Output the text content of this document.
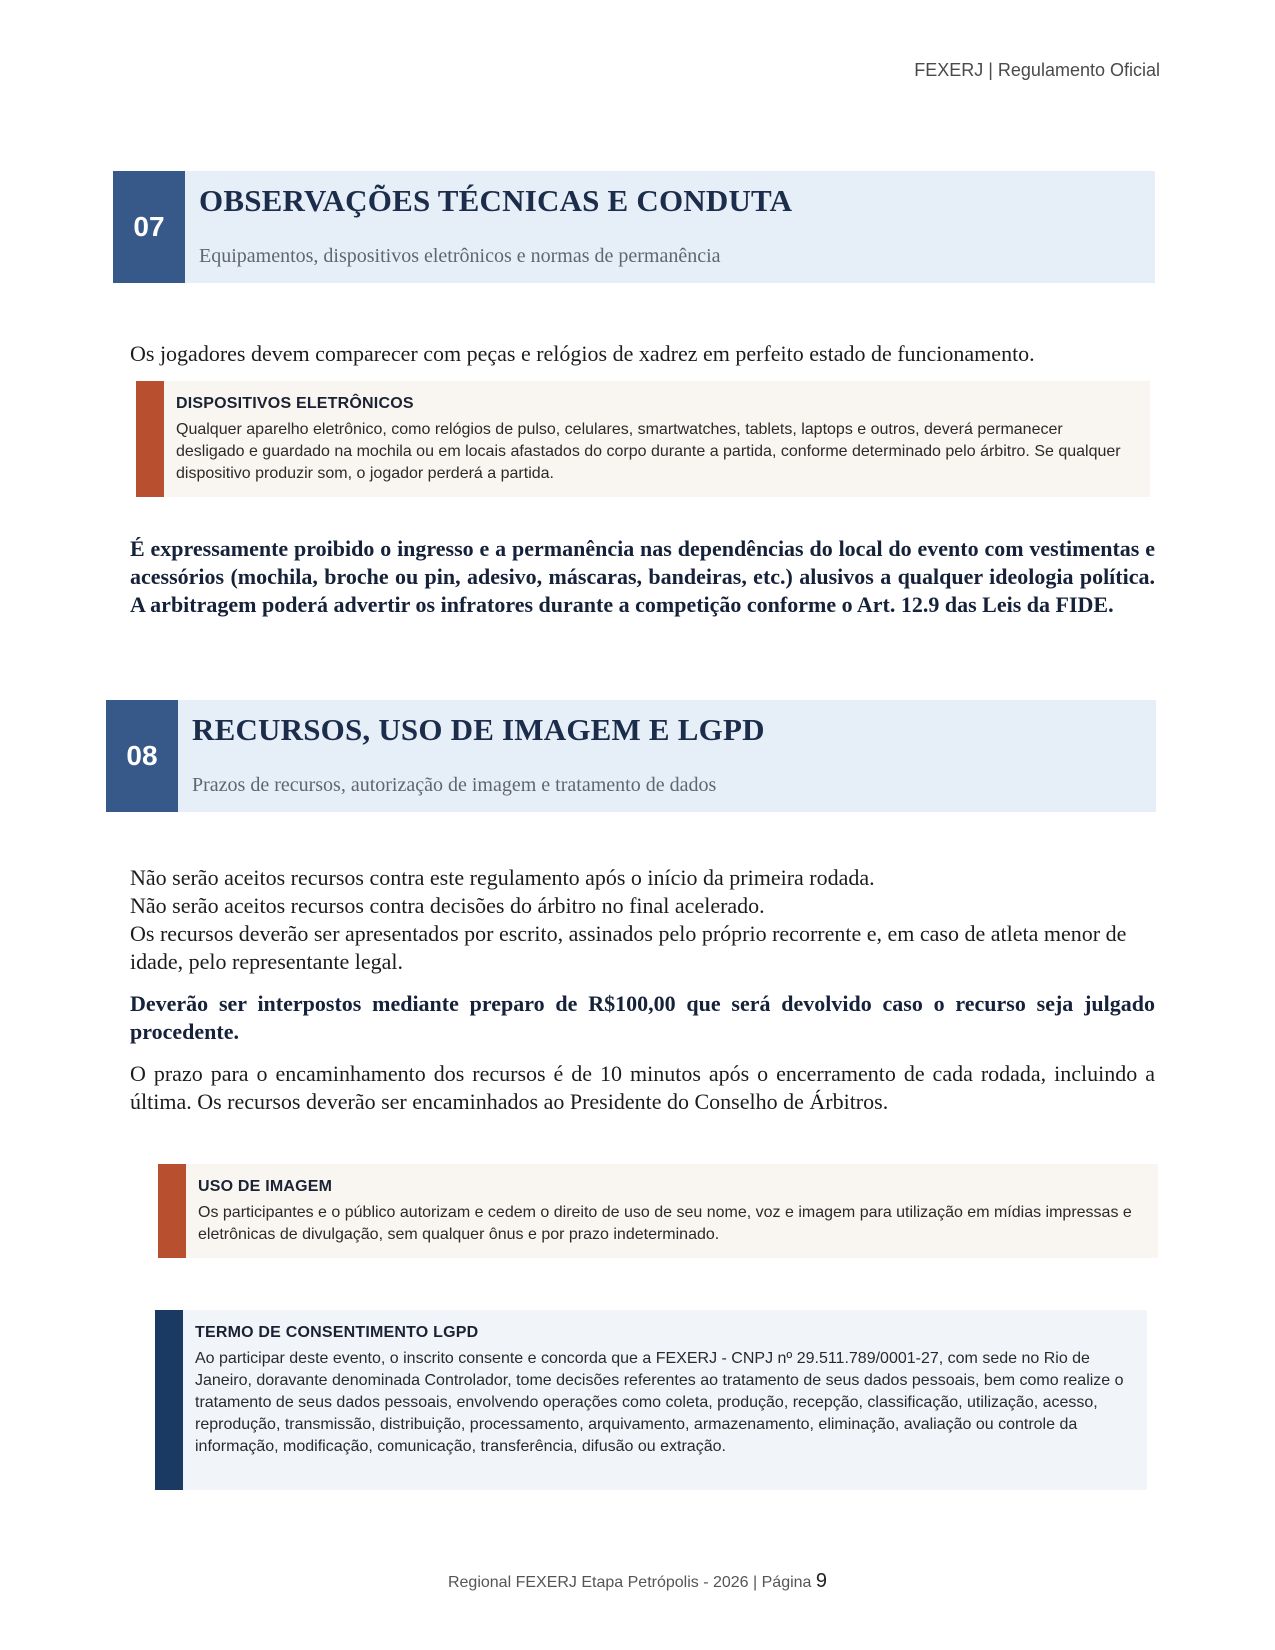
FEXERJ | Regulamento Oficial
07
OBSERVAÇÕES TÉCNICAS E CONDUTA
Equipamentos, dispositivos eletrônicos e normas de permanência

Os jogadores devem comparecer com peças e relógios de xadrez em perfeito estado de funcionamento.

DISPOSITIVOS ELETRÔNICOS
Qualquer aparelho eletrônico, como relógios de pulso, celulares, smartwatches, tablets, laptops e outros, deverá permanecer desligado e guardado na mochila ou em locais afastados do corpo durante a partida, conforme determinado pelo árbitro. Se qualquer dispositivo produzir som, o jogador perderá a partida.

É expressamente proibido o ingresso e a permanência nas dependências do local do evento com vestimentas e acessórios (mochila, broche ou pin, adesivo, máscaras, bandeiras, etc.) alusivos a qualquer ideologia política. A arbitragem poderá advertir os infratores durante a competição conforme o Art. 12.9 das Leis da FIDE.

08
RECURSOS, USO DE IMAGEM E LGPD
Prazos de recursos, autorização de imagem e tratamento de dados

Não serão aceitos recursos contra este regulamento após o início da primeira rodada.

Não serão aceitos recursos contra decisões do árbitro no final acelerado.

Os recursos deverão ser apresentados por escrito, assinados pelo próprio recorrente e, em caso de atleta menor de idade, pelo representante legal.

Deverão ser interpostos mediante preparo de R$100,00 que será devolvido caso o recurso seja julgado procedente.

O prazo para o encaminhamento dos recursos é de 10 minutos após o encerramento de cada rodada, incluindo a última. Os recursos deverão ser encaminhados ao Presidente do Conselho de Árbitros.

USO DE IMAGEM
Os participantes e o público autorizam e cedem o direito de uso de seu nome, voz e imagem para utilização em mídias impressas e eletrônicas de divulgação, sem qualquer ônus e por prazo indeterminado.
TERMO DE CONSENTIMENTO LGPD
Ao participar deste evento, o inscrito consente e concorda que a FEXERJ - CNPJ nº 29.511.789/0001-27, com sede no Rio de Janeiro, doravante denominada Controlador, tome decisões referentes ao tratamento de seus dados pessoais, bem como realize o tratamento de seus dados pessoais, envolvendo operações como coleta, produção, recepção, classificação, utilização, acesso, reprodução, transmissão, distribuição, processamento, arquivamento, armazenamento, eliminação, avaliação ou controle da informação, modificação, comunicação, transferência, difusão ou extração.
Regional FEXERJ Etapa Petrópolis - 2026 | Página 9
